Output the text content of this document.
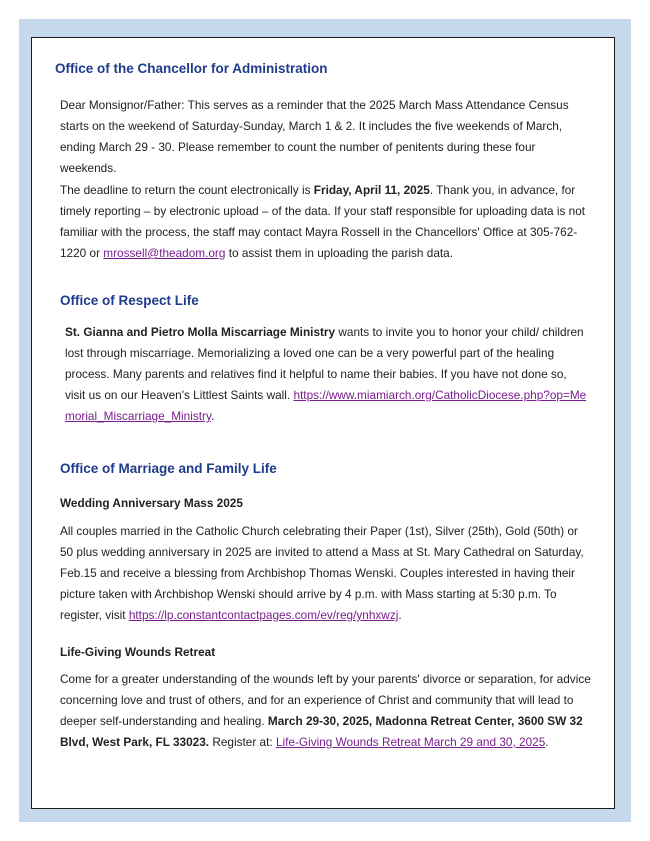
Office of the Chancellor for Administration

Dear Monsignor/Father: This serves as a reminder that the 2025 March Mass Attendance Census starts on the weekend of Saturday-Sunday, March 1 & 2. It includes the five weekends of March, ending March 29 - 30. Please remember to count the number of penitents during these four weekends.

The deadline to return the count electronically is Friday, April 11, 2025. Thank you, in advance, for timely reporting – by electronic upload – of the data. If your staff responsible for uploading data is not familiar with the process, the staff may contact Mayra Rossell in the Chancellors' Office at 305-762-1220 or mrossell@theadom.org to assist them in uploading the parish data.

Office of Respect Life

St. Gianna and Pietro Molla Miscarriage Ministry wants to invite you to honor your child/ children lost through miscarriage. Memorializing a loved one can be a very powerful part of the healing process. Many parents and relatives find it helpful to name their babies. If you have not done so, visit us on our Heaven's Littlest Saints wall. https://www.miamiarch.org/CatholicDiocese.php?op=Memorial_Miscarriage_Ministry.

Office of Marriage and Family Life
Wedding Anniversary Mass 2025

All couples married in the Catholic Church celebrating their Paper (1st), Silver (25th), Gold (50th) or 50 plus wedding anniversary in 2025 are invited to attend a Mass at St. Mary Cathedral on Saturday, Feb.15 and receive a blessing from Archbishop Thomas Wenski. Couples interested in having their picture taken with Archbishop Wenski should arrive by 4 p.m. with Mass starting at 5:30 p.m. To register, visit https://lp.constantcontactpages.com/ev/reg/ynhxwzj.

Life-Giving Wounds Retreat

Come for a greater understanding of the wounds left by your parents' divorce or separation, for advice concerning love and trust of others, and for an experience of Christ and community that will lead to deeper self-understanding and healing. March 29-30, 2025, Madonna Retreat Center, 3600 SW 32 Blvd, West Park, FL 33023. Register at: Life-Giving Wounds Retreat March 29 and 30, 2025.
